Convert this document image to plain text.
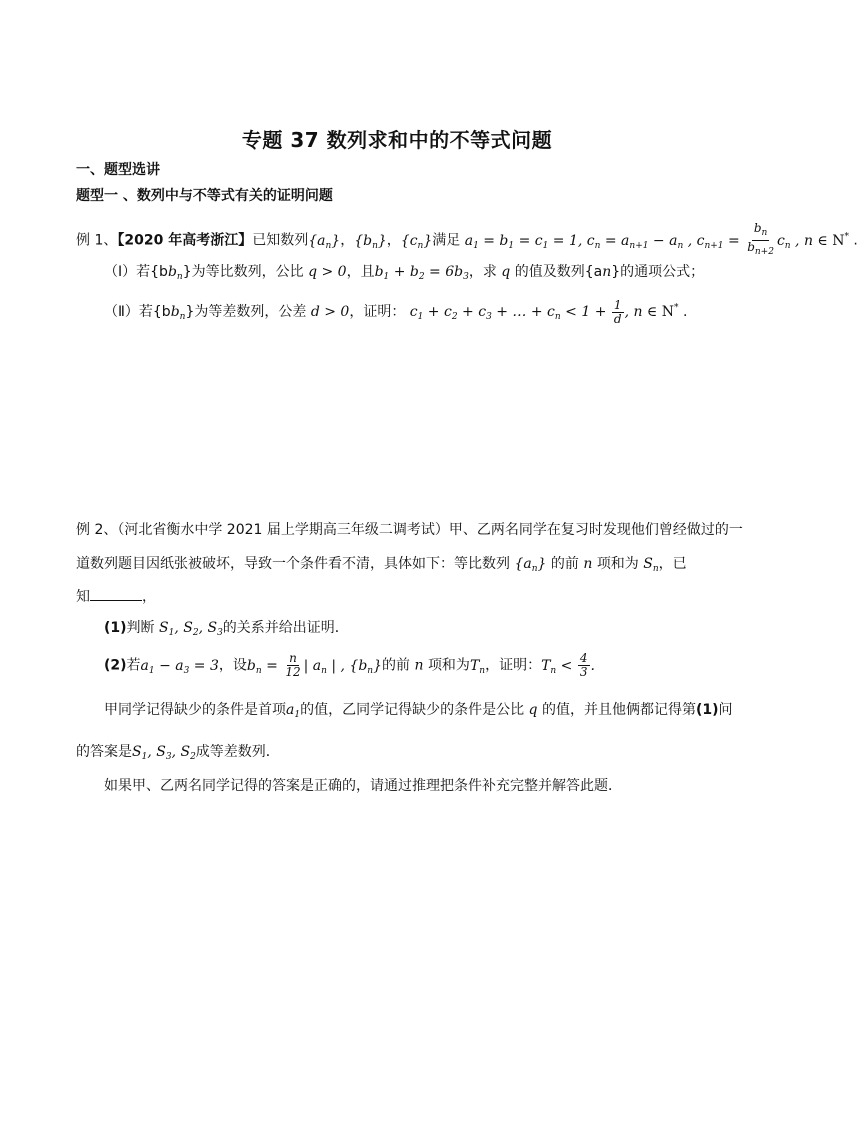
专题 37 数列求和中的不等式问题
一、题型选讲
题型一 、数列中与不等式有关的证明问题
例 1、【2020 年高考浙江】已知数列$\{a_n\}$，$\{b_n\}$，$\{c_n\}$满足 $a_1 = b_1 = c_1 = 1$, $c_n = a_{n+1} - a_n$ , $c_{n+1} = \frac{b_n}{b_{n+2}} c_n$ , n ∈ N* .
（Ⅰ）若$\{bb_n\}$为等比数列，公比 q > 0，且$b_1 + b_2 = 6b_3$，求 q 的值及数列{an}的通项公式；
（Ⅱ）若$\{bb_n\}$为等差数列，公差 d > 0，证明： $c_1 + c_2 + c_3$ + … + $c_n < 1 + \frac{1}{d}$ , n ∈ N* .
例 2、（河北省衡水中学 2021 届上学期高三年级二调考试）甲、乙两名同学在复习时发现他们曾经做过的一
道数列题目因纸张被破坏，导致一个条件看不清，具体如下：等比数列 $\{a_n\}$ 的前 n 项和为 $S_n$，已
知	，
(1)判断 $S_1$, $S_2$, $S_3$的关系并给出证明．
(2)若$a_1 - a_3 = 3$，设$b_n = \frac{n}{12}$ | $a_n$ | , $\{b_n\}$的前 n 项和为$T_n$，证明：$T_n < \frac{4}{3}$ .
甲同学记得缺少的条件是首项$a_1$的值，乙同学记得缺少的条件是公比 q 的值，并且他俩都记得第(1)问
的答案是$S_1$, $S_3$, $S_2$成等差数列．
如果甲、乙两名同学记得的答案是正确的，请通过推理把条件补充完整并解答此题．
